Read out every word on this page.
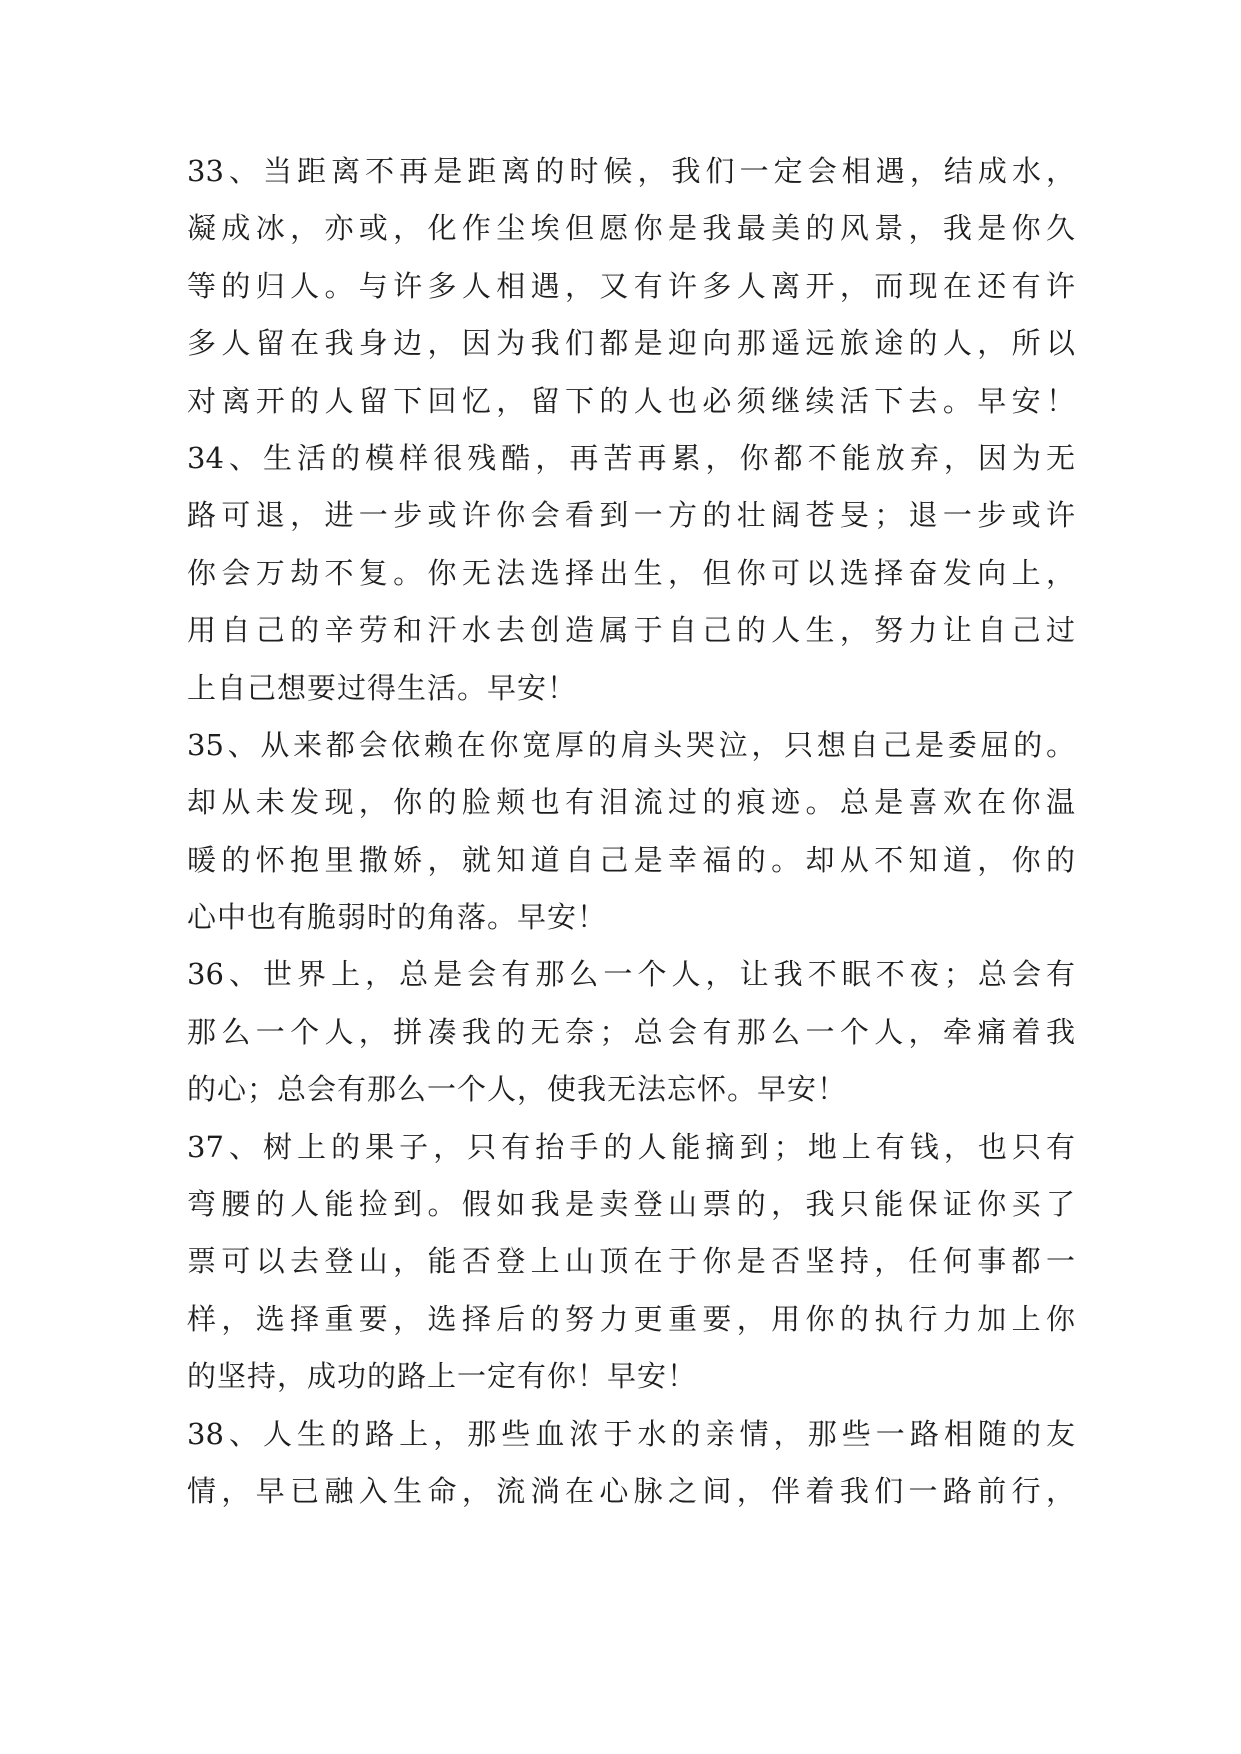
33、当距离不再是距离的时候，我们一定会相遇，结成水，
凝成冰，亦或，化作尘埃但愿你是我最美的风景，我是你久
等的归人。与许多人相遇，又有许多人离开，而现在还有许
多人留在我身边，因为我们都是迎向那遥远旅途的人，所以
对离开的人留下回忆，留下的人也必须继续活下去。早安！
34、生活的模样很残酷，再苦再累，你都不能放弃，因为无
路可退，进一步或许你会看到一方的壮阔苍旻；退一步或许
你会万劫不复。你无法选择出生，但你可以选择奋发向上，
用自己的辛劳和汗水去创造属于自己的人生，努力让自己过
上自己想要过得生活。早安！
35、从来都会依赖在你宽厚的肩头哭泣，只想自己是委屈的。
却从未发现，你的脸颊也有泪流过的痕迹。总是喜欢在你温
暖的怀抱里撒娇，就知道自己是幸福的。却从不知道，你的
心中也有脆弱时的角落。早安！
36、世界上，总是会有那么一个人，让我不眠不夜；总会有
那么一个人，拼凑我的无奈；总会有那么一个人，牵痛着我
的心；总会有那么一个人，使我无法忘怀。早安！
37、树上的果子，只有抬手的人能摘到；地上有钱，也只有
弯腰的人能捡到。假如我是卖登山票的，我只能保证你买了
票可以去登山，能否登上山顶在于你是否坚持，任何事都一
样，选择重要，选择后的努力更重要，用你的执行力加上你
的坚持，成功的路上一定有你！早安！
38、人生的路上，那些血浓于水的亲情，那些一路相随的友
情，早已融入生命，流淌在心脉之间，伴着我们一路前行，
